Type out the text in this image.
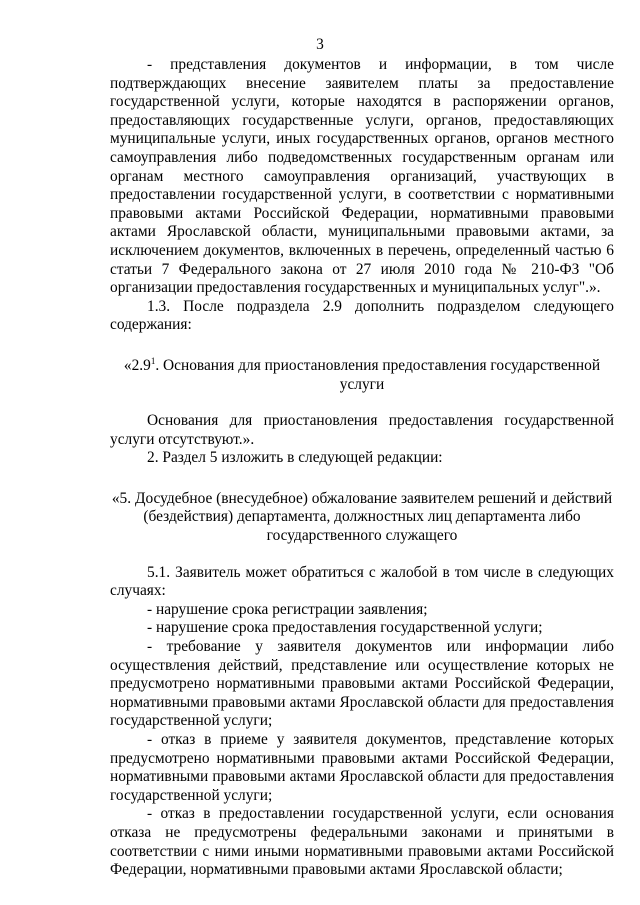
3

- представления документов и информации, в том числе подтверждающих внесение заявителем платы за предоставление государственной услуги, которые находятся в распоряжении органов, предоставляющих государственные услуги, органов, предоставляющих муниципальные услуги, иных государственных органов, органов местного самоуправления либо подведомственных государственным органам или органам местного самоуправления организаций, участвующих в предоставлении государственной услуги, в соответствии с нормативными правовыми актами Российской Федерации, нормативными правовыми актами Ярославской области, муниципальными правовыми актами, за исключением документов, включенных в перечень, определенный частью 6 статьи 7 Федерального закона от 27 июля 2010 года № 210-ФЗ "Об организации предоставления государственных и муниципальных услуг".».

1.3. После подраздела 2.9 дополнить подразделом следующего содержания:

«$2.9^1$. Основания для приостановления предоставления государственной услуги

Основания для приостановления предоставления государственной услуги отсутствуют.».

2. Раздел 5 изложить в следующей редакции:

«5. Досудебное (внесудебное) обжалование заявителем решений и действий (бездействия) департамента, должностных лиц департамента либо государственного служащего

5.1. Заявитель может обратиться с жалобой в том числе в следующих случаях:

- нарушение срока регистрации заявления;

- нарушение срока предоставления государственной услуги;

- требование у заявителя документов или информации либо осуществления действий, представление или осуществление которых не предусмотрено нормативными правовыми актами Российской Федерации, нормативными правовыми актами Ярославской области для предоставления государственной услуги;

- отказ в приеме у заявителя документов, представление которых предусмотрено нормативными правовыми актами Российской Федерации, нормативными правовыми актами Ярославской области для предоставления государственной услуги;

- отказ в предоставлении государственной услуги, если основания отказа не предусмотрены федеральными законами и принятыми в соответствии с ними иными нормативными правовыми актами Российской Федерации, нормативными правовыми актами Ярославской области;
